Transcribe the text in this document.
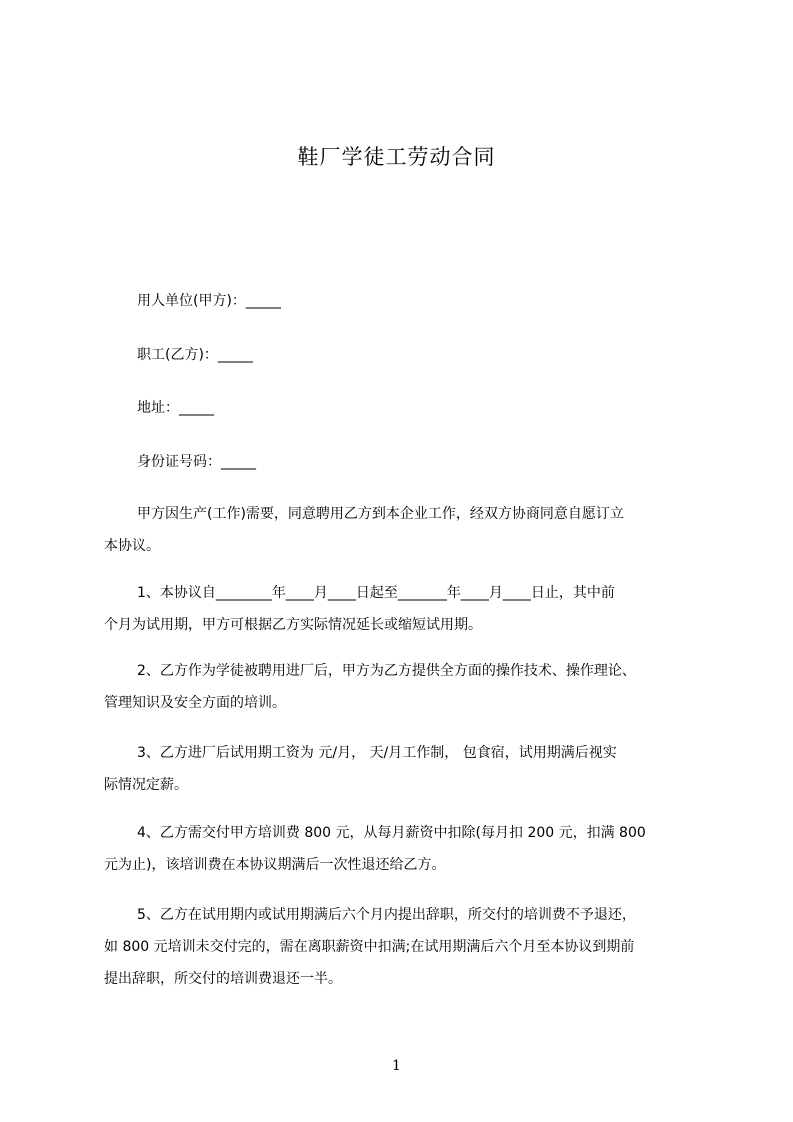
鞋厂学徒工劳动合同
用人单位(甲方)：_____
职工(乙方)：_____
地址：_____
身份证号码：_____
甲方因生产(工作)需要，同意聘用乙方到本企业工作，经双方协商同意自愿订立
本协议。
1、本协议自________年____月____日起至_______年____月____日止，其中前
个月为试用期，甲方可根据乙方实际情况延长或缩短试用期。
2、乙方作为学徒被聘用进厂后，甲方为乙方提供全方面的操作技术、操作理论、
管理知识及安全方面的培训。
3、乙方进厂后试用期工资为 元/月， 天/月工作制， 包食宿，试用期满后视实
际情况定薪。
4、乙方需交付甲方培训费 800 元，从每月薪资中扣除(每月扣 200 元，扣满 800
元为止)，该培训费在本协议期满后一次性退还给乙方。
5、乙方在试用期内或试用期满后六个月内提出辞职，所交付的培训费不予退还，
如 800 元培训未交付完的，需在离职薪资中扣满;在试用期满后六个月至本协议到期前
提出辞职，所交付的培训费退还一半。
1
